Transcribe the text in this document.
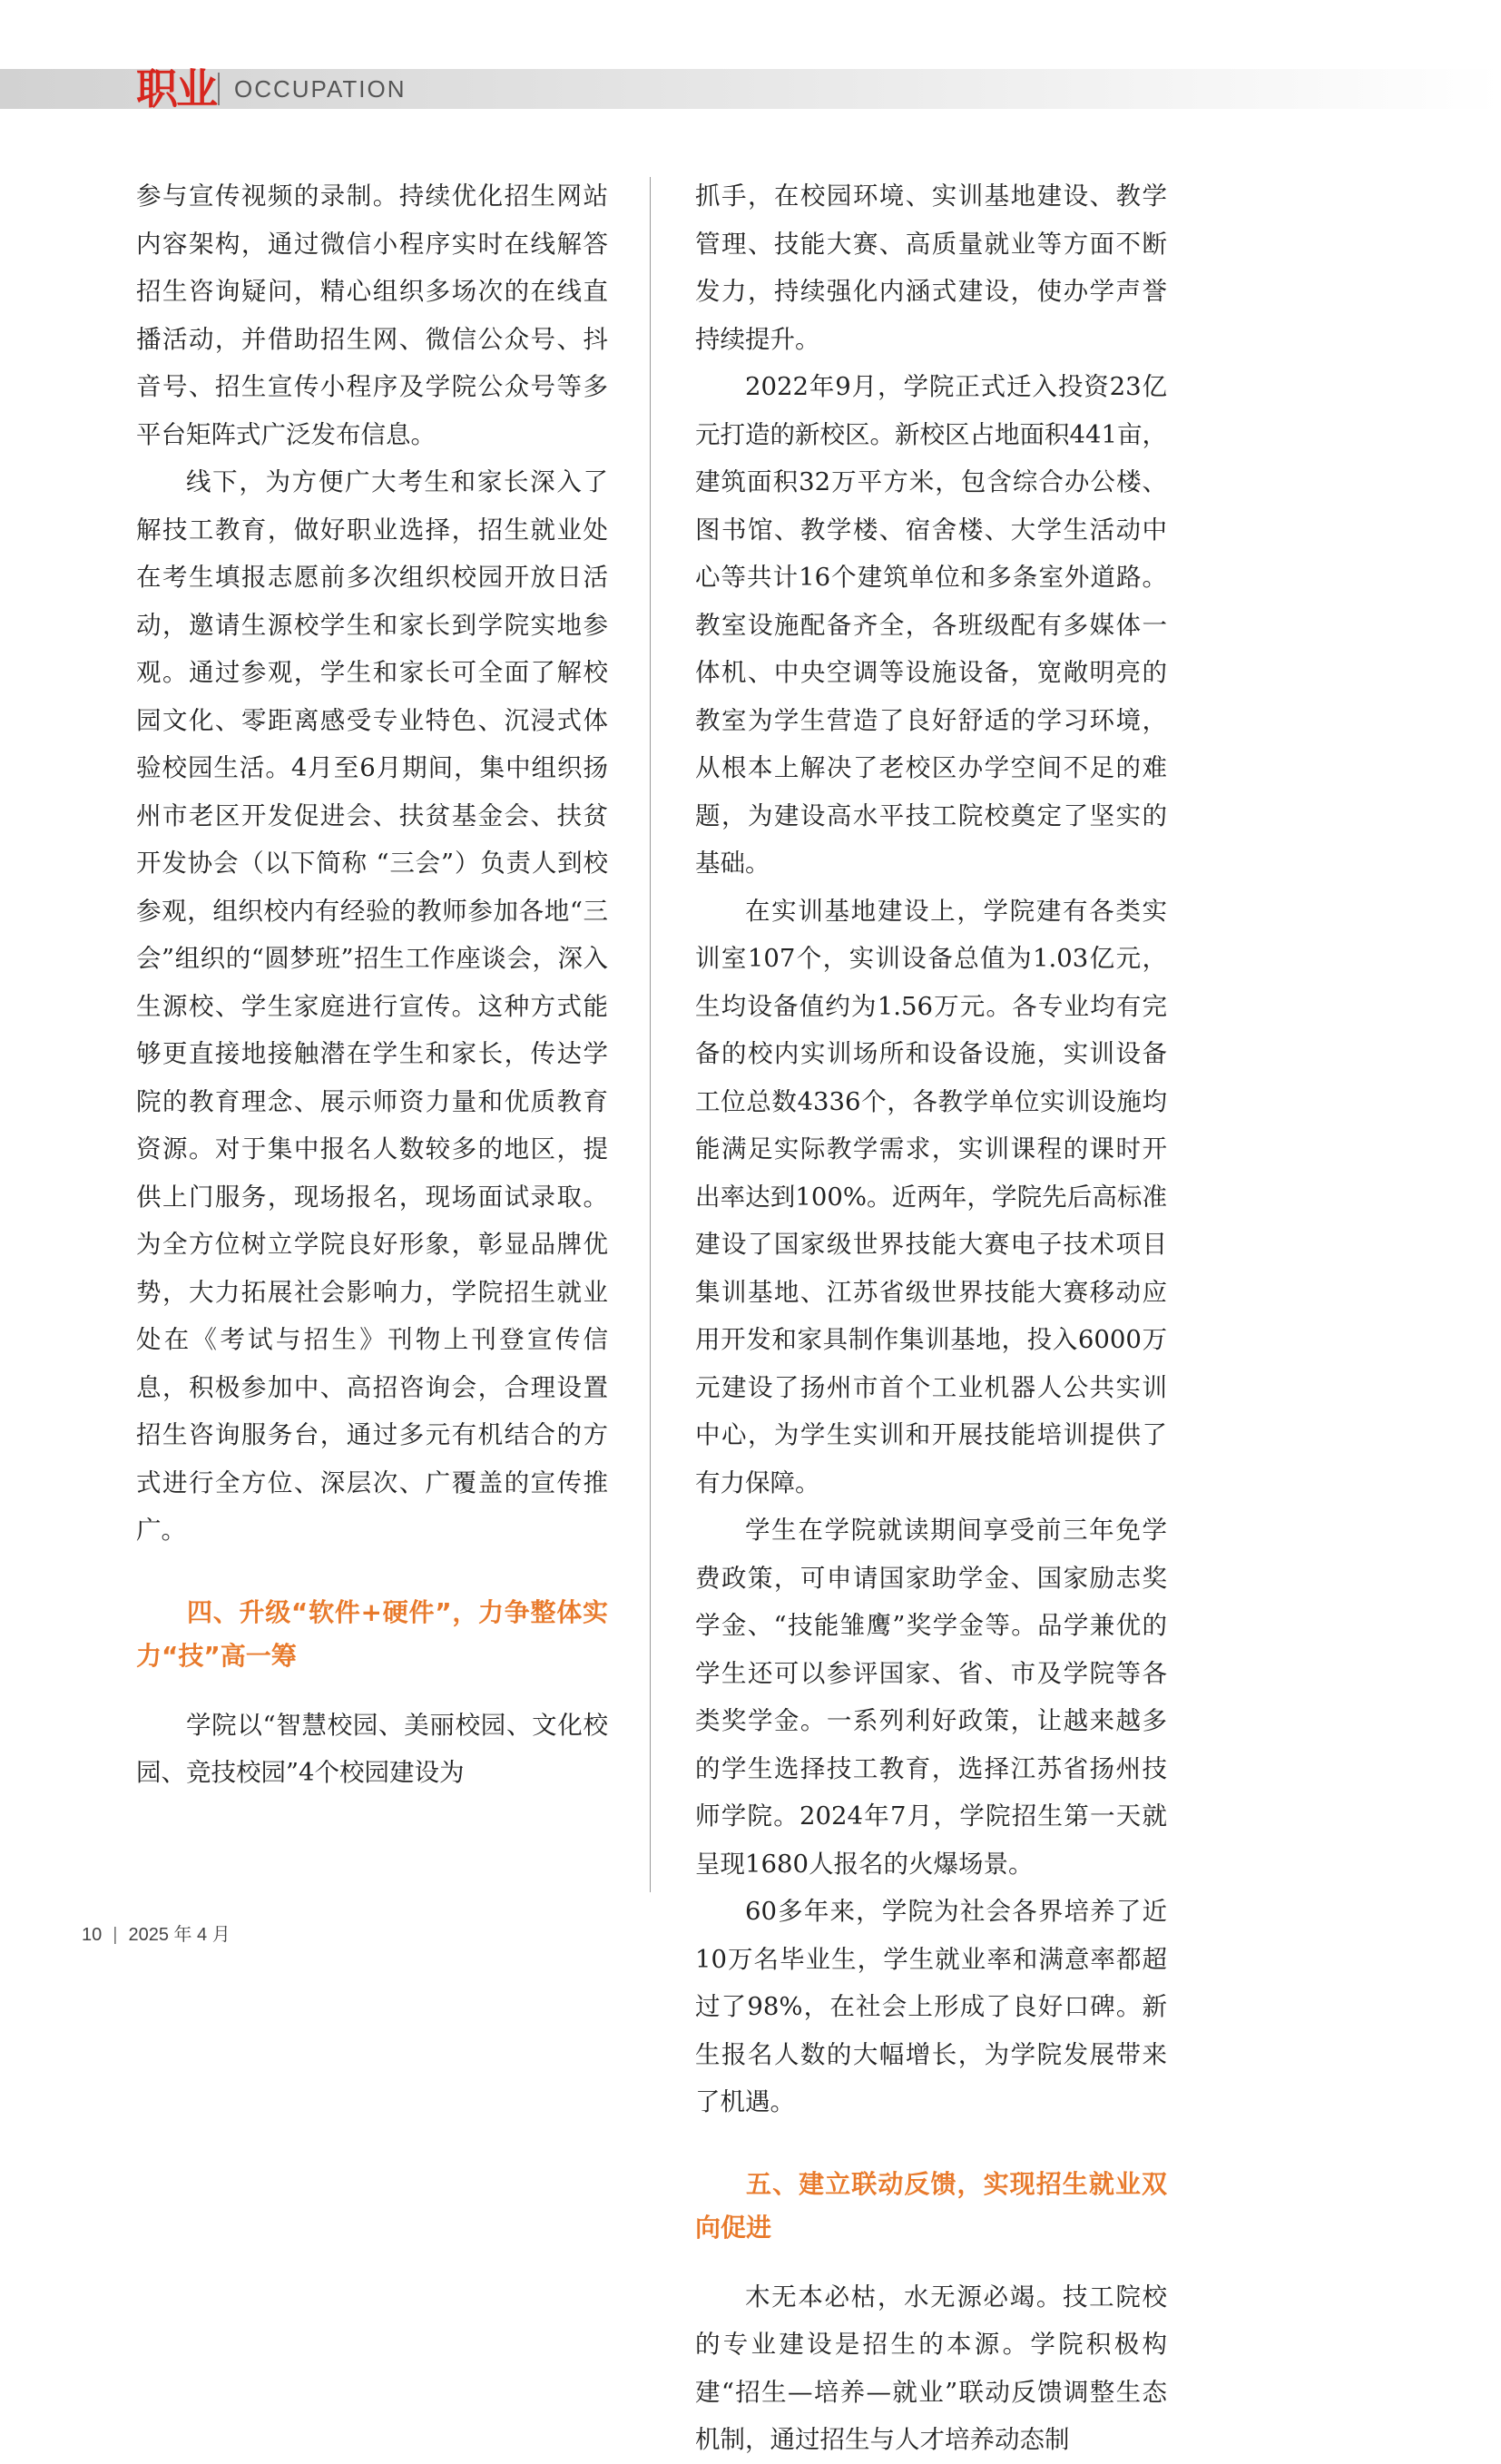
职业 OCCUPATION

参与宣传视频的录制。持续优化招生网站内容架构，通过微信小程序实时在线解答招生咨询疑问，精心组织多场次的在线直播活动，并借助招生网、微信公众号、抖音号、招生宣传小程序及学院公众号等多平台矩阵式广泛发布信息。

线下，为方便广大考生和家长深入了解技工教育，做好职业选择，招生就业处在考生填报志愿前多次组织校园开放日活动，邀请生源校学生和家长到学院实地参观。通过参观，学生和家长可全面了解校园文化、零距离感受专业特色、沉浸式体验校园生活。4月至6月期间，集中组织扬州市老区开发促进会、扶贫基金会、扶贫开发协会（以下简称 “三会”）负责人到校参观，组织校内有经验的教师参加各地“三会”组织的“圆梦班”招生工作座谈会，深入生源校、学生家庭进行宣传。这种方式能够更直接地接触潜在学生和家长，传达学院的教育理念、展示师资力量和优质教育资源。对于集中报名人数较多的地区，提供上门服务，现场报名，现场面试录取。为全方位树立学院良好形象，彰显品牌优势，大力拓展社会影响力，学院招生就业处在《考试与招生》刊物上刊登宣传信息，积极参加中、高招咨询会，合理设置招生咨询服务台，通过多元有机结合的方式进行全方位、深层次、广覆盖的宣传推广。

四、升级“软件+硬件”，力争整体实力“技”高一筹

学院以“智慧校园、美丽校园、文化校园、竞技校园”4个校园建设为

抓手，在校园环境、实训基地建设、教学管理、技能大赛、高质量就业等方面不断发力，持续强化内涵式建设，使办学声誉持续提升。

2022年9月，学院正式迁入投资23亿元打造的新校区。新校区占地面积441亩，建筑面积32万平方米，包含综合办公楼、图书馆、教学楼、宿舍楼、大学生活动中心等共计16个建筑单位和多条室外道路。教室设施配备齐全，各班级配有多媒体一体机、中央空调等设施设备，宽敞明亮的教室为学生营造了良好舒适的学习环境，从根本上解决了老校区办学空间不足的难题，为建设高水平技工院校奠定了坚实的基础。

在实训基地建设上，学院建有各类实训室107个，实训设备总值为1.03亿元，生均设备值约为1.56万元。各专业均有完备的校内实训场所和设备设施，实训设备工位总数4336个，各教学单位实训设施均能满足实际教学需求，实训课程的课时开出率达到100%。近两年，学院先后高标准建设了国家级世界技能大赛电子技术项目集训基地、江苏省级世界技能大赛移动应用开发和家具制作集训基地，投入6000万元建设了扬州市首个工业机器人公共实训中心，为学生实训和开展技能培训提供了有力保障。

学生在学院就读期间享受前三年免学费政策，可申请国家助学金、国家励志奖学金、“技能雏鹰”奖学金等。品学兼优的学生还可以参评国家、省、市及学院等各类奖学金。一系列利好政策，让越来越多的学生选择技工教育，选择江苏省扬州技师学院。2024年7月，学院招生第一天就呈现1680人报名的火爆场景。

60多年来，学院为社会各界培养了近10万名毕业生，学生就业率和满意率都超过了98%，在社会上形成了良好口碑。新生报名人数的大幅增长，为学院发展带来了机遇。

五、建立联动反馈，实现招生就业双向促进

木无本必枯，水无源必竭。技工院校的专业建设是招生的本源。学院积极构建“招生—培养—就业”联动反馈调整生态机制，通过招生与人才培养动态制

10 | 2025 年 4 月
